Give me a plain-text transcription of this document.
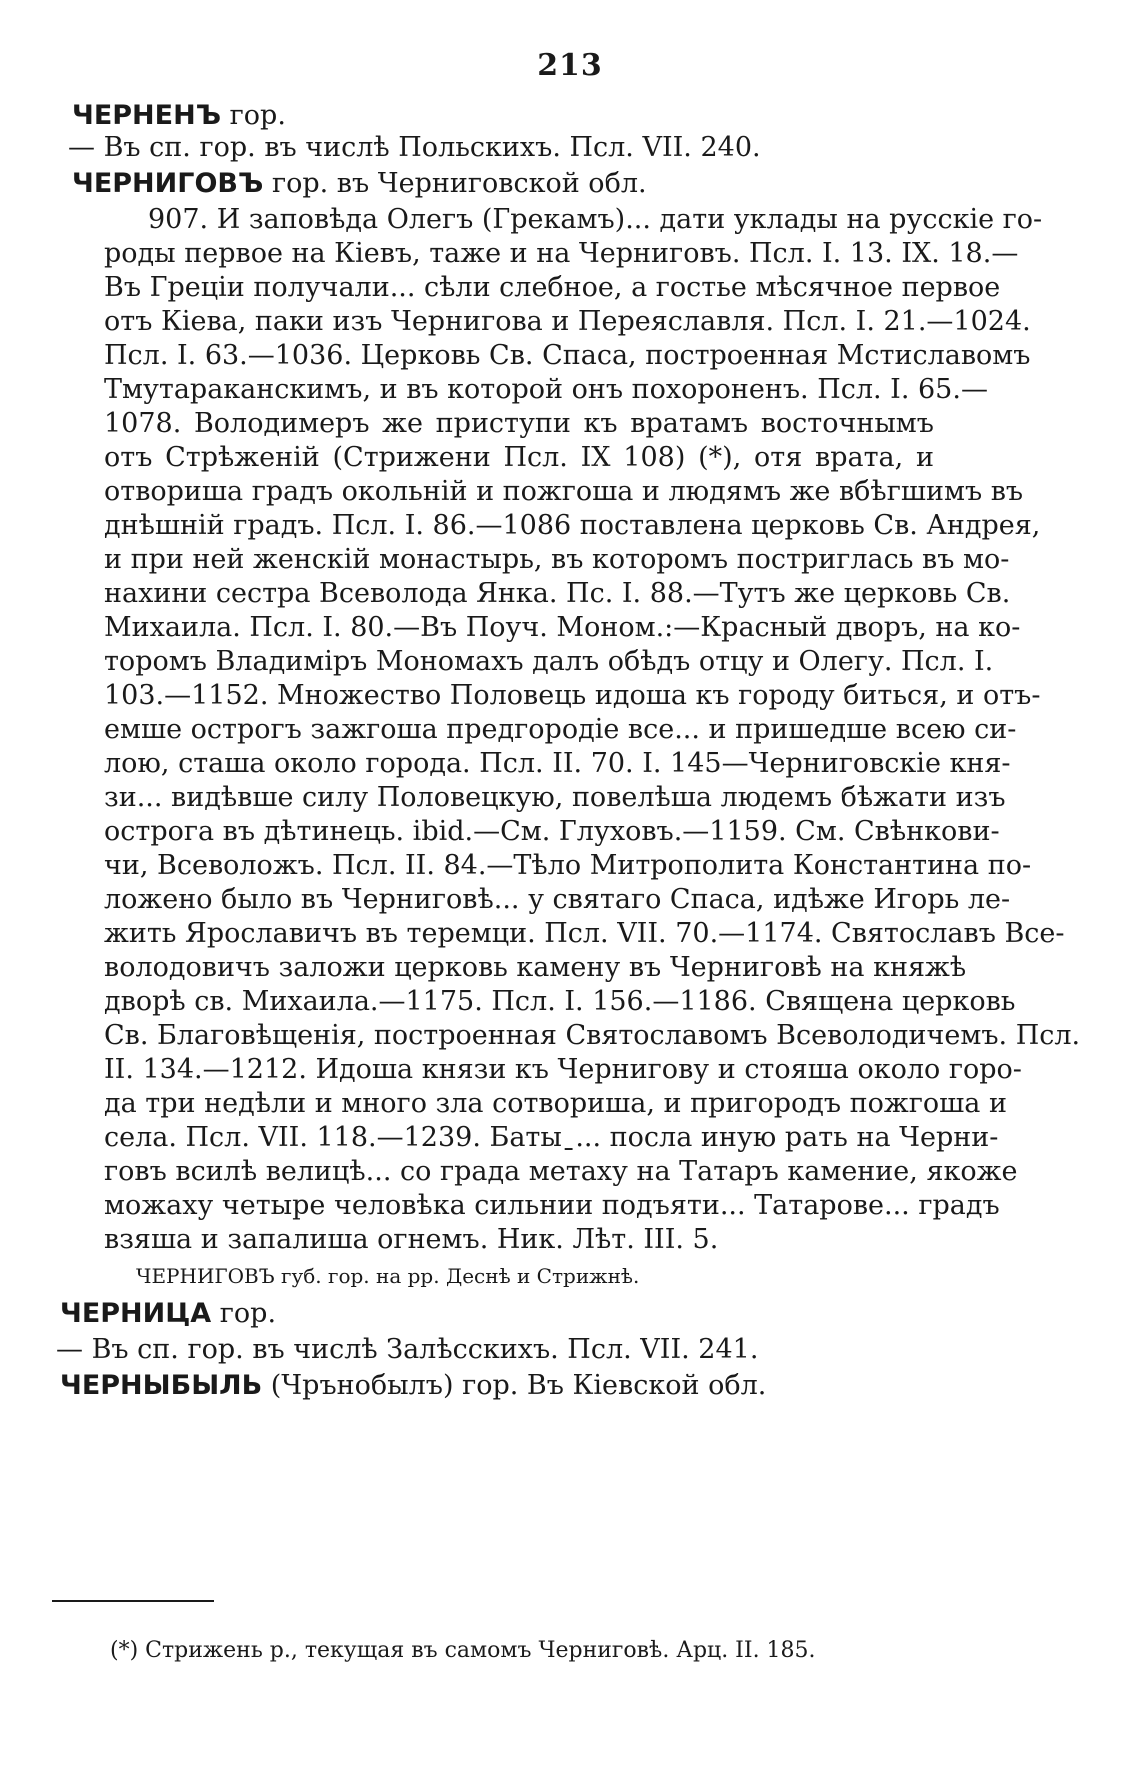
213
ЧЕРНЕНЪ гор.
— Въ сп. гор. въ числѣ Польскихъ. Псл. VII. 240.
ЧЕРНИГОВЪ гор. въ Черниговской обл.
907. И заповѣда Олегъ (Грекамъ)... дати уклады на русскіе го-
роды первое на Кіевъ, таже и на Черниговъ. Псл. I. 13. IX. 18.—
Въ Греціи получали... сѣли слебное, а гостье мѣсячное первое
отъ Кіева, паки изъ Чернигова и Переяславля. Псл. I. 21.—1024.
Псл. I. 63.—1036. Церковь Св. Спаса, построенная Мстиславомъ
Тмутараканскимъ, и въ которой онъ похороненъ. Псл. I. 65.—
1078. Володимеръ же приступи къ вратамъ восточнымъ
отъ Стрѣженій (Стрижени Псл. IX 108) (*), отя врата, и
отвориша градъ окольній и пожгоша и людямъ же вбѣгшимъ въ
днѣшній градъ. Псл. I. 86.—1086 поставлена церковь Св. Андрея,
и при ней женскій монастырь, въ которомъ постриглась въ мо-
нахини сестра Всеволода Янка. Пс. I. 88.—Тутъ же церковь Св.
Михаила. Псл. I. 80.—Въ Поуч. Моном.:—Красный дворъ, на ко-
торомъ Владиміръ Мономахъ далъ обѣдъ отцу и Олегу. Псл. I.
103.—1152. Множество Половець идоша къ городу биться, и отъ-
емше острогъ зажгоша предгородіе все... и пришедше всею си-
лою, сташа около города. Псл. II. 70. I. 145—Черниговскіе кня-
зи... видѣвше силу Половецкую, повелѣша людемъ бѣжати изъ
острога въ дѣтинець. ibid.—См. Глуховъ.—1159. См. Свѣнкови-
чи, Всеволожъ. Псл. II. 84.—Тѣло Митрополита Константина по-
ложено было въ Черниговѣ... у святаго Спаса, идѣже Игорь ле-
жить Ярославичъ въ теремци. Псл. VII. 70.—1174. Святославъ Все-
володовичъ заложи церковь камену въ Черниговѣ на княжѣ
дворѣ св. Михаила.—1175. Псл. I. 156.—1186. Священа церковь
Св. Благовѣщенія, построенная Святославомъ Всеволодичемъ. Псл.
II. 134.—1212. Идоша князи къ Чернигову и стояша около горо-
да три недѣли и много зла сотвориша, и пригородъ пожгоша и
села. Псл. VII. 118.—1239. Батыˍ... посла иную рать на Черни-
говъ всилѣ велицѣ... со града метаху на Татаръ камение, якоже
можаху четыре человѣка сильнии подъяти... Татарове... градъ
взяша и запалиша огнемъ. Ник. Лѣт. III. 5.
ЧЕРНИГОВЪ губ. гор. на рр. Деснѣ и Стрижнѣ.
ЧЕРНИЦА гор.
— Въ сп. гор. въ числѣ Залѣсскихъ. Псл. VII. 241.
ЧЕРНЫБЫЛЬ (Чрънобылъ) гор. Въ Кіевской обл.
(*) Стрижень р., текущая въ самомъ Черниговѣ. Арц. II. 185.
